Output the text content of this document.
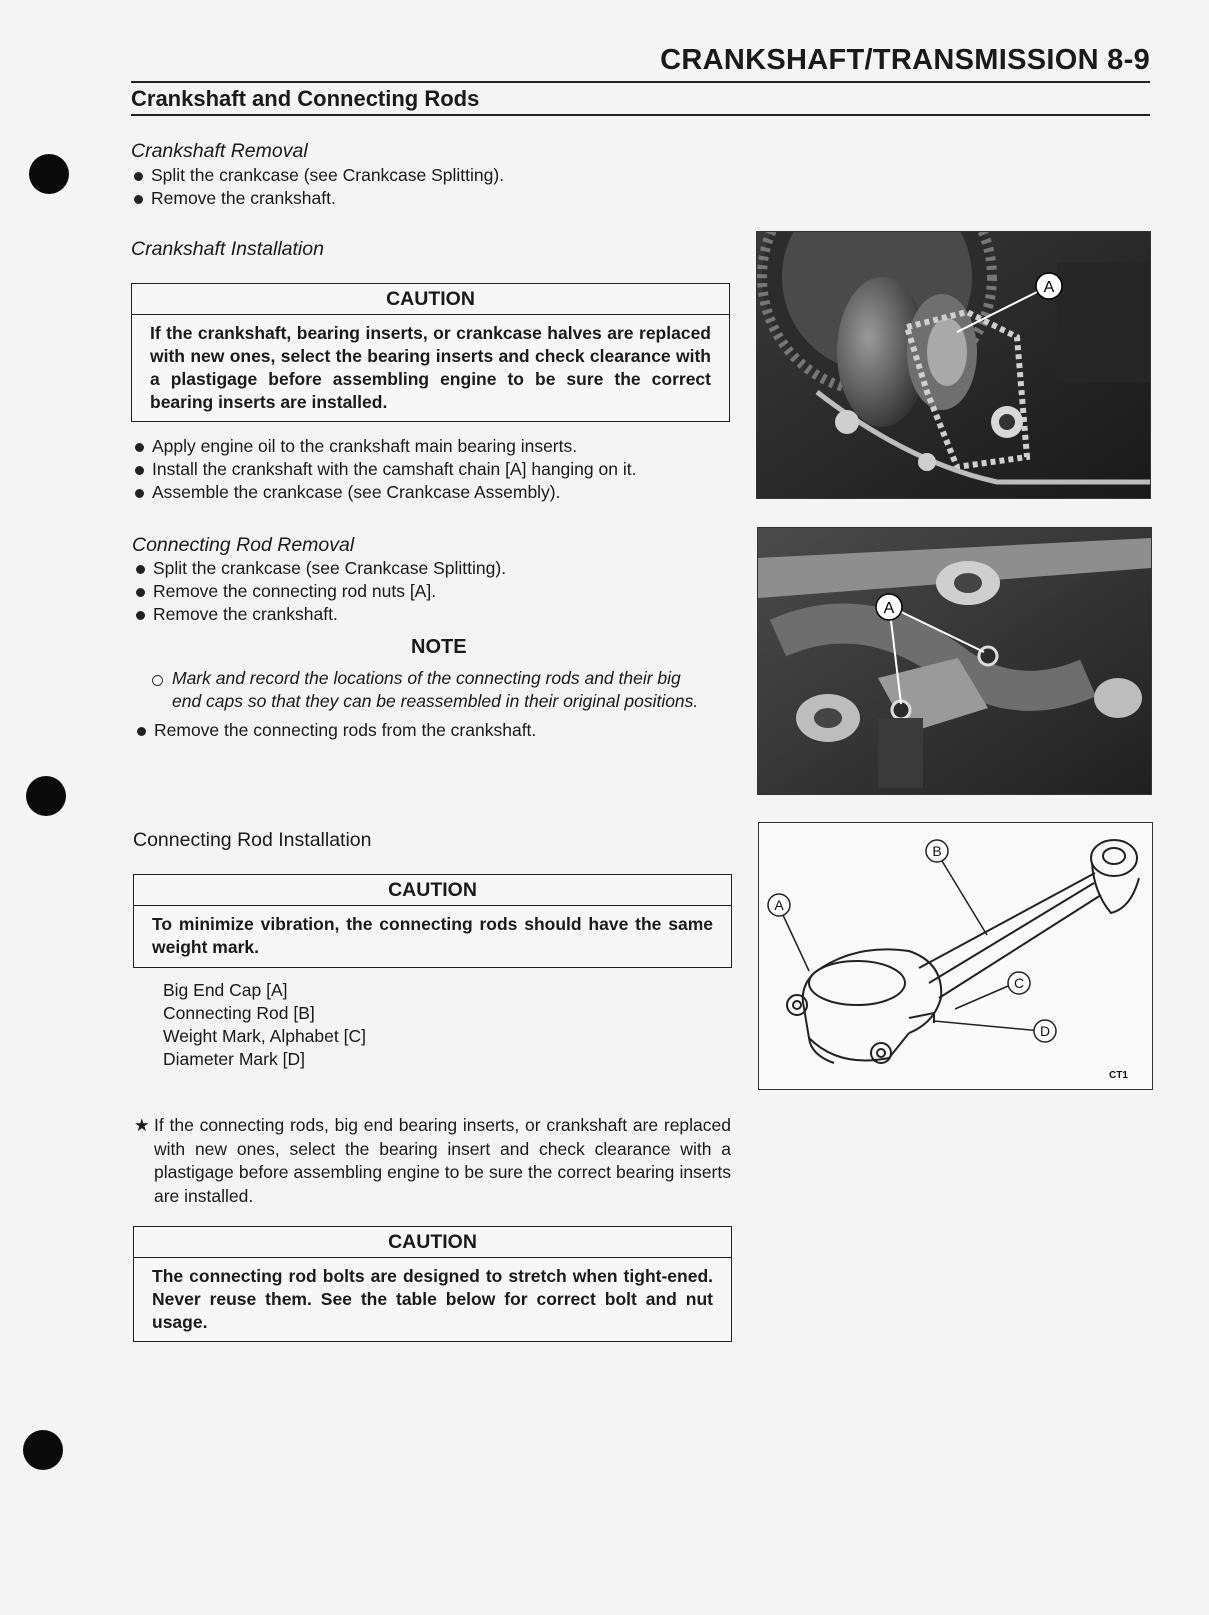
CRANKSHAFT/TRANSMISSION 8-9
Crankshaft and Connecting Rods
Crankshaft Removal
Split the crankcase (see Crankcase Splitting).
Remove the crankshaft.
Crankshaft Installation
CAUTION
If the crankshaft, bearing inserts, or crankcase halves are replaced with new ones, select the bearing inserts and check clearance with a plastigage before assembling engine to be sure the correct bearing inserts are installed.
Apply engine oil to the crankshaft main bearing inserts.
Install the crankshaft with the camshaft chain [A] hanging on it.
Assemble the crankcase (see Crankcase Assembly).
Connecting Rod Removal
Split the crankcase (see Crankcase Splitting).
Remove the connecting rod nuts [A].
Remove the crankshaft.
NOTE
Mark and record the locations of the connecting rods and their big
end caps so that they can be reassembled in their original positions.
Remove the connecting rods from the crankshaft.
Connecting Rod Installation
CAUTION
To minimize vibration, the connecting rods should have the same weight mark.
Big End Cap [A]
Connecting Rod [B]
Weight Mark, Alphabet [C]
Diameter Mark [D]
★ If the connecting rods, big end bearing inserts, or crankshaft are replaced with new ones, select the bearing insert and check clearance with a plastigage before assembling engine to be sure the correct bearing inserts are installed.
CAUTION
The connecting rod bolts are designed to stretch when tight-ened. Never reuse them. See the table below for correct bolt and nut usage.
A
A
A
B
C
D
CT1
